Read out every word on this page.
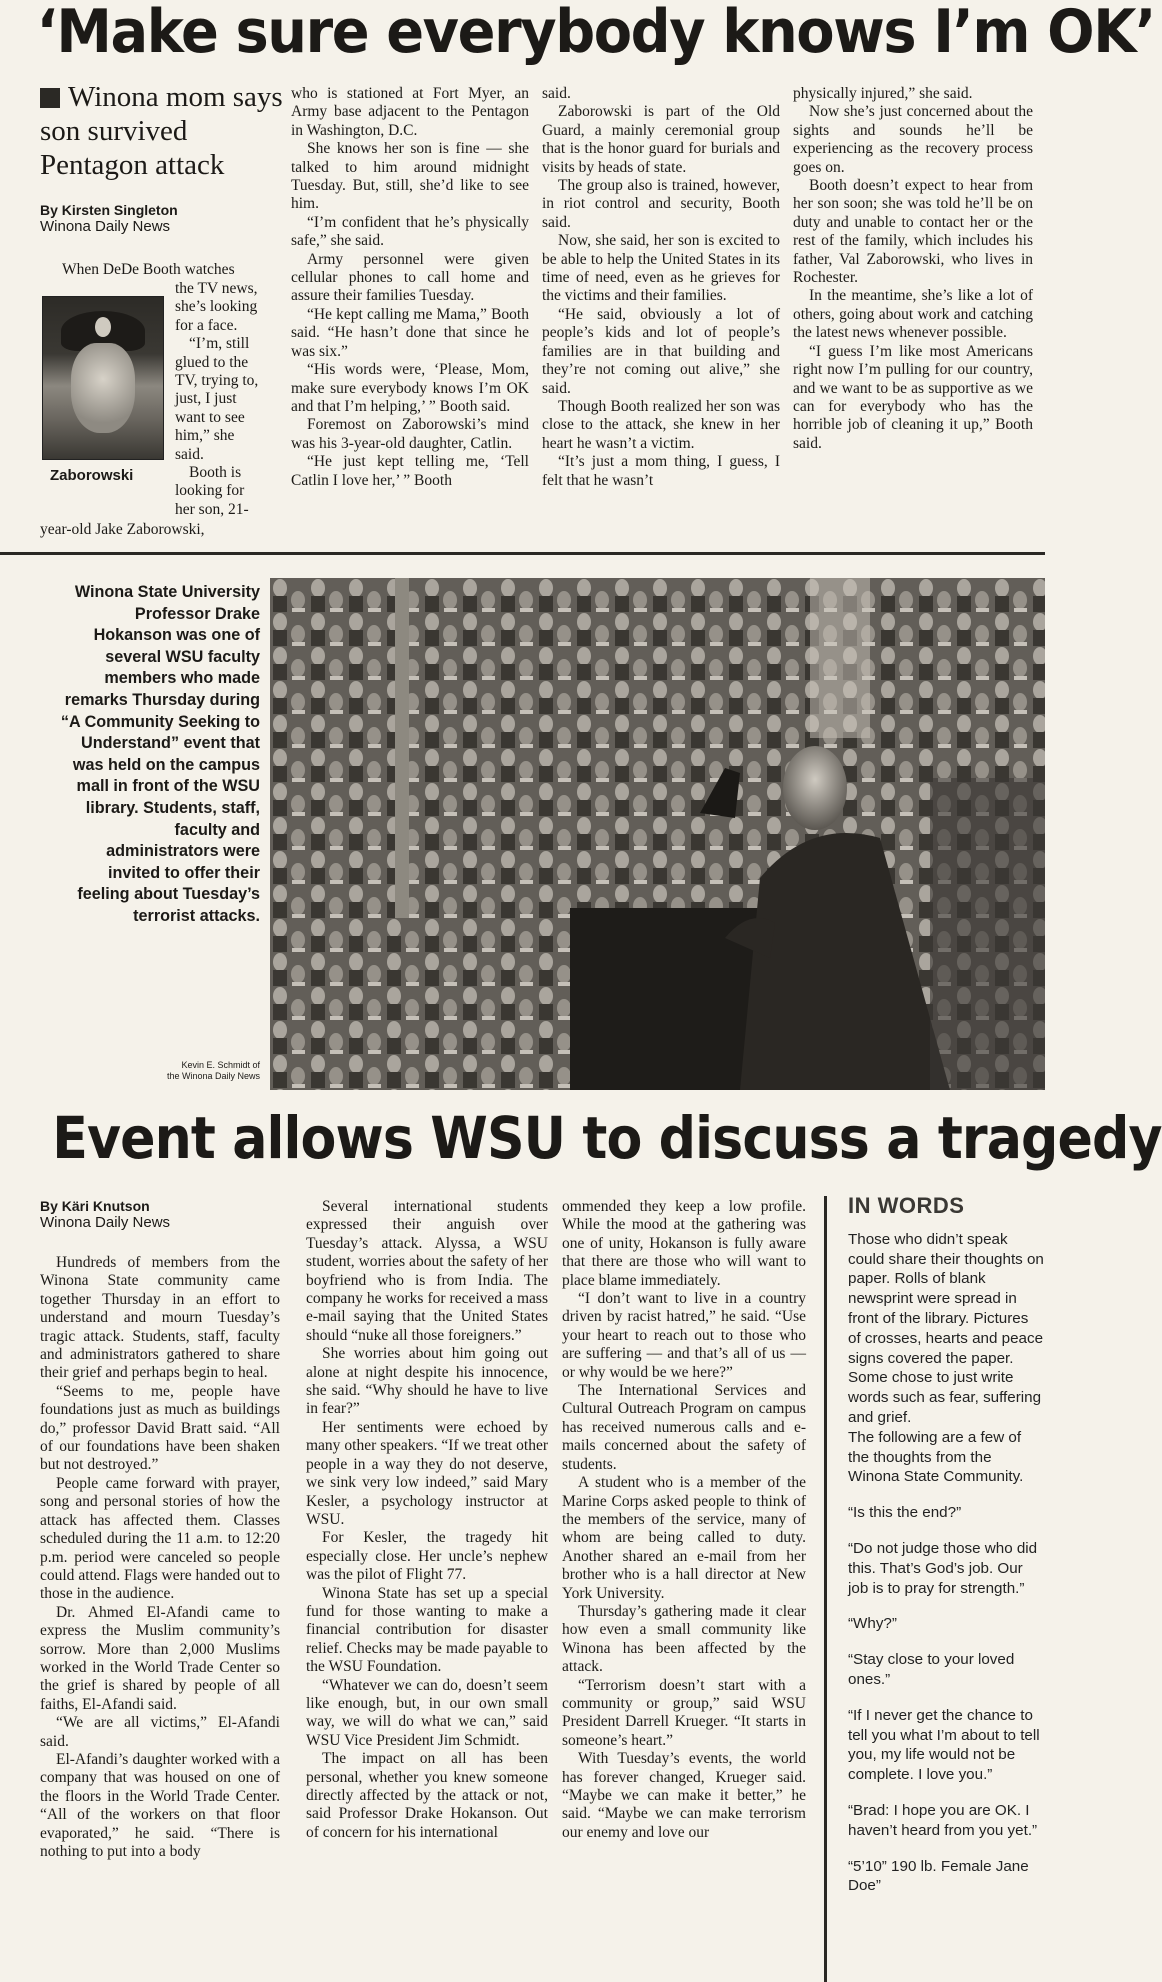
‘Make sure everybody knows I’m OK’
Winona mom says son survived Pentagon attack
By Kirsten Singleton
Winona Daily News

When DeDe Booth watches

Zaborowski
the TV news,
she’s looking
for a face.
“I’m, still
glued to the
TV, trying to,
just, I just
want to see
him,” she
said.
Booth is
looking for
her son, 21-

year-old Jake Zaborowski,

who is stationed at Fort Myer, an Army base adjacent to the Pentagon in Washington, D.C.

She knows her son is fine — she talked to him around midnight Tuesday. But, still, she’d like to see him.

“I’m confident that he’s physically safe,” she said.

Army personnel were given cellular phones to call home and assure their families Tuesday.

“He kept calling me Mama,” Booth said. “He hasn’t done that since he was six.”

“His words were, ‘Please, Mom, make sure everybody knows I’m OK and that I’m helping,’ ” Booth said.

Foremost on Zaborowski’s mind was his 3-year-old daughter, Catlin.

“He just kept telling me, ‘Tell Catlin I love her,’ ” Booth

said.

Zaborowski is part of the Old Guard, a mainly ceremonial group that is the honor guard for burials and visits by heads of state.

The group also is trained, however, in riot control and security, Booth said.

Now, she said, her son is excited to be able to help the United States in its time of need, even as he grieves for the victims and their families.

“He said, obviously a lot of people’s kids and lot of people’s families are in that building and they’re not coming out alive,” she said.

Though Booth realized her son was close to the attack, she knew in her heart he wasn’t a victim.

“It’s just a mom thing, I guess, I felt that he wasn’t

physically injured,” she said.

Now she’s just concerned about the sights and sounds he’ll be experiencing as the recovery process goes on.

Booth doesn’t expect to hear from her son soon; she was told he’ll be on duty and unable to contact her or the rest of the family, which includes his father, Val Zaborowski, who lives in Rochester.

In the meantime, she’s like a lot of others, going about work and catching the latest news whenever possible.

“I guess I’m like most Americans right now I’m pulling for our country, and we want to be as supportive as we can for everybody who has the horrible job of cleaning it up,” Booth said.

Winona State University Professor Drake Hokanson was one of several WSU faculty members who made remarks Thursday during “A Community Seeking to Understand” event that was held on the campus mall in front of the WSU library. Students, staff, faculty and administrators were invited to offer their feeling about Tuesday’s terrorist attacks.
Kevin E. Schmidt of
the Winona Daily News
Event allows WSU to discuss a tragedy
By Käri Knutson
Winona Daily News

Hundreds of members from the Winona State community came together Thursday in an effort to understand and mourn Tuesday’s tragic attack. Students, staff, faculty and administrators gathered to share their grief and perhaps begin to heal.

“Seems to me, people have foundations just as much as buildings do,” professor David Bratt said. “All of our foundations have been shaken but not destroyed.”

People came forward with prayer, song and personal stories of how the attack has affected them. Classes scheduled during the 11 a.m. to 12:20 p.m. period were canceled so people could attend. Flags were handed out to those in the audience.

Dr. Ahmed El-Afandi came to express the Muslim community’s sorrow. More than 2,000 Muslims worked in the World Trade Center so the grief is shared by people of all faiths, El-Afandi said.

“We are all victims,” El-Afandi said.

El-Afandi’s daughter worked with a company that was housed on one of the floors in the World Trade Center. “All of the workers on that floor evaporated,” he said. “There is nothing to put into a body

Several international students expressed their anguish over Tuesday’s attack. Alyssa, a WSU student, worries about the safety of her boyfriend who is from India. The company he works for received a mass e-mail saying that the United States should “nuke all those foreigners.”

She worries about him going out alone at night despite his innocence, she said. “Why should he have to live in fear?”

Her sentiments were echoed by many other speakers. “If we treat other people in a way they do not deserve, we sink very low indeed,” said Mary Kesler, a psychology instructor at WSU.

For Kesler, the tragedy hit especially close. Her uncle’s nephew was the pilot of Flight 77.

Winona State has set up a special fund for those wanting to make a financial contribution for disaster relief. Checks may be made payable to the WSU Foundation.

“Whatever we can do, doesn’t seem like enough, but, in our own small way, we will do what we can,” said WSU Vice President Jim Schmidt.

The impact on all has been personal, whether you knew someone directly affected by the attack or not, said Professor Drake Hokanson. Out of concern for his international

ommended they keep a low profile. While the mood at the gathering was one of unity, Hokanson is fully aware that there are those who will want to place blame immediately.

“I don’t want to live in a country driven by racist hatred,” he said. “Use your heart to reach out to those who are suffering — and that’s all of us — or why would be we here?”

The International Services and Cultural Outreach Program on campus has received numerous calls and e-mails concerned about the safety of students.

A student who is a member of the Marine Corps asked people to think of the members of the service, many of whom are being called to duty. Another shared an e-mail from her brother who is a hall director at New York University.

Thursday’s gathering made it clear how even a small community like Winona has been affected by the attack.

“Terrorism doesn’t start with a community or group,” said WSU President Darrell Krueger. “It starts in someone’s heart.”

With Tuesday’s events, the world has forever changed, Krueger said. “Maybe we can make it better,” he said. “Maybe we can make terrorism our enemy and love our

IN WORDS
Those who didn’t speak could share their thoughts on paper. Rolls of blank newsprint were spread in front of the library. Pictures of crosses, hearts and peace signs covered the paper. Some chose to just write words such as fear, suffering and grief.
The following are a few of the thoughts from the Winona State Community.
“Is this the end?”
“Do not judge those who did this. That’s God’s job. Our job is to pray for strength.”
“Why?”
“Stay close to your loved ones.”
“If I never get the chance to tell you what I’m about to tell you, my life would not be complete. I love you.”
“Brad: I hope you are OK. I haven’t heard from you yet.”
“5’10” 190 lb. Female Jane Doe”
